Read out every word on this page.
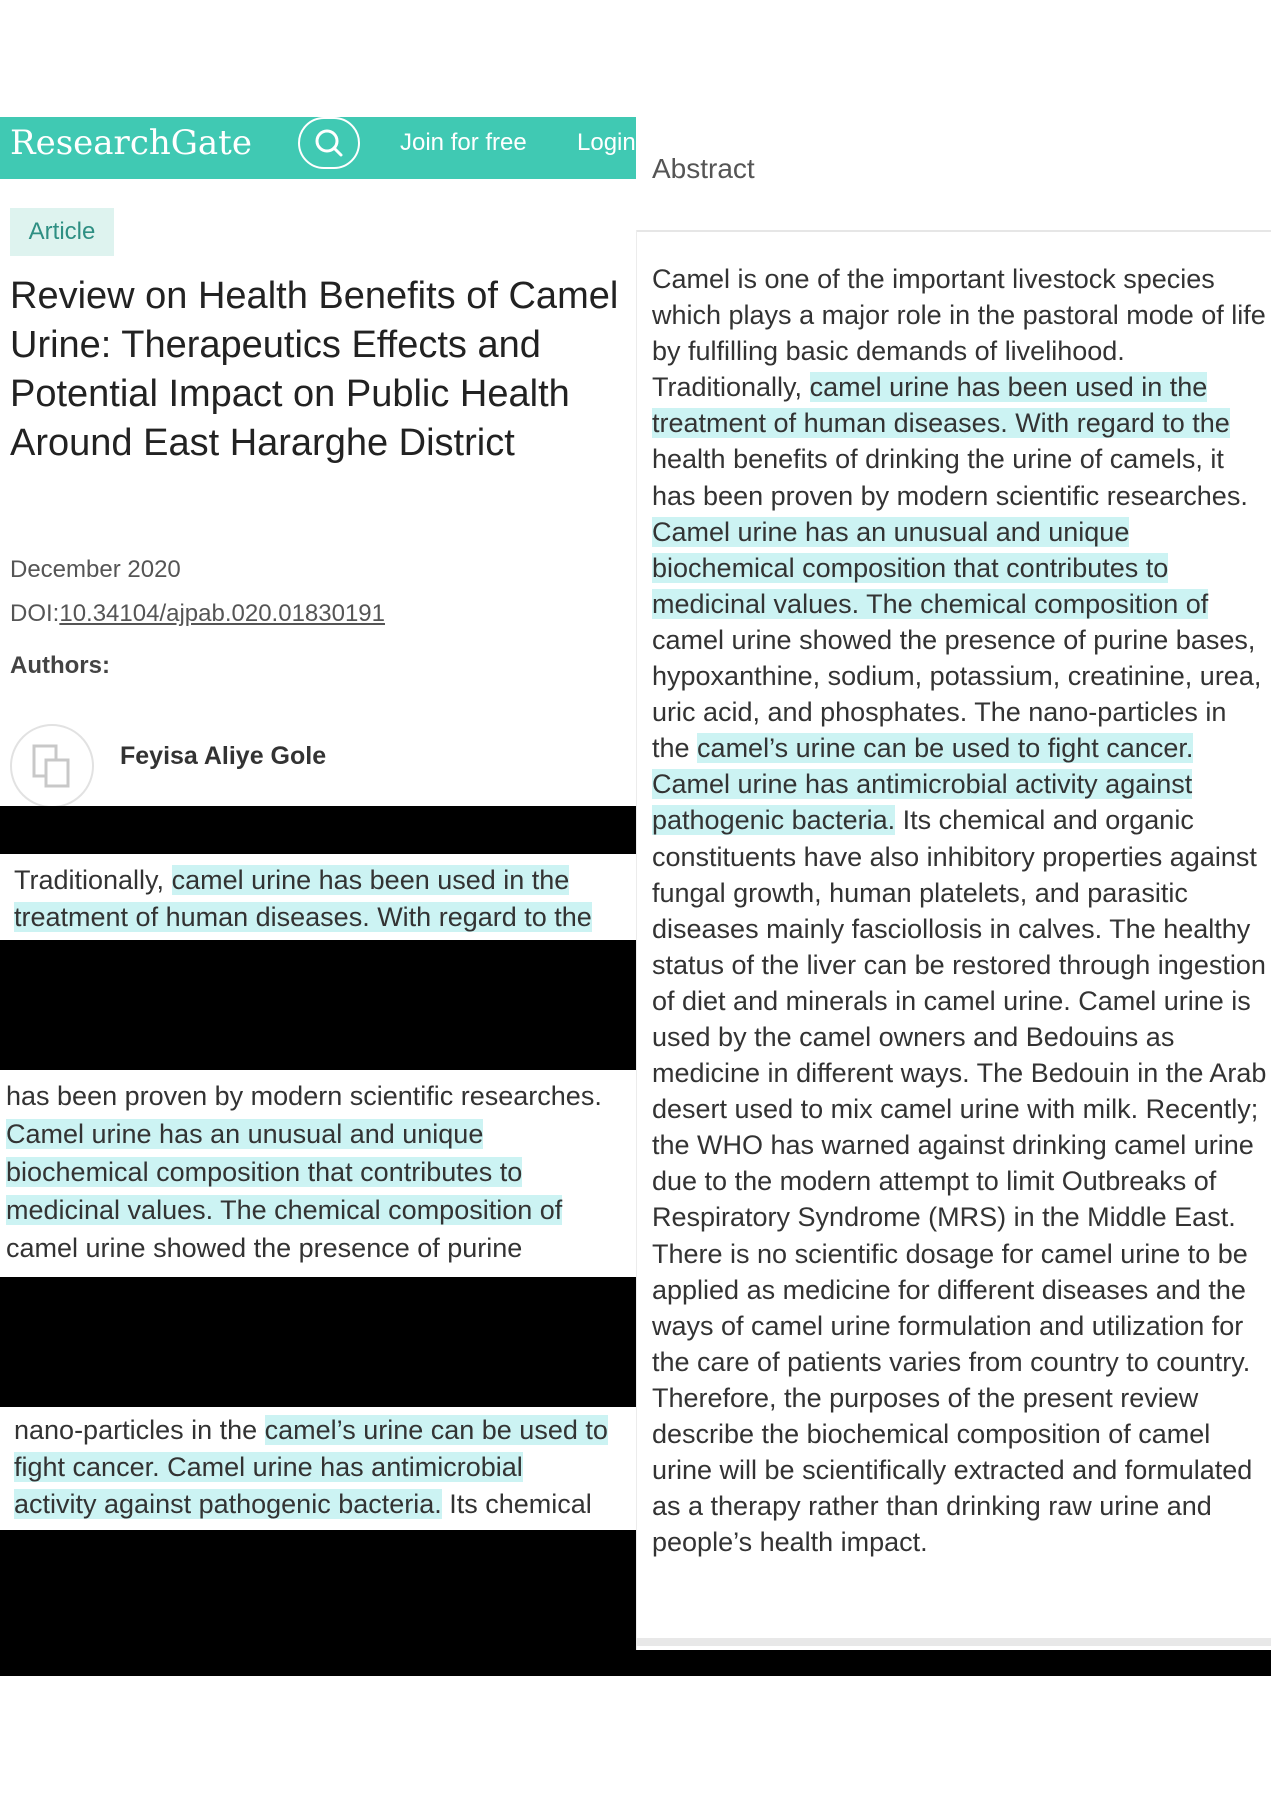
ResearchGate	Join for free Login
Article
Review on Health Benefits of Camel Urine: Therapeutics Effects and Potential Impact on Public Health Around East Hararghe District
December 2020
DOI:10.34104/ajpab.020.01830191
Authors:
Feyisa Aliye Gole
Traditionally, camel urine has been used in the
treatment of human diseases. With regard to the
has been proven by modern scientific researches.
Camel urine has an unusual and unique
biochemical composition that contributes to
medicinal values. The chemical composition of
camel urine showed the presence of purine
nano-particles in the camel’s urine can be used to
fight cancer. Camel urine has antimicrobial
activity against pathogenic bacteria. Its chemical
Abstract
Camel is one of the important livestock species which plays a major role in the pastoral mode of life by fulfilling basic demands of livelihood. Traditionally, camel urine has been used in the treatment of human diseases. With regard to the health benefits of drinking the urine of camels, it has been proven by modern scientific researches. Camel urine has an unusual and unique biochemical composition that contributes to medicinal values. The chemical composition of camel urine showed the presence of purine bases, hypoxanthine, sodium, potassium, creatinine, urea, uric acid, and phosphates. The nano-particles in the camel’s urine can be used to fight cancer. Camel urine has antimicrobial activity against pathogenic bacteria. Its chemical and organic constituents have also inhibitory properties against fungal growth, human platelets, and parasitic diseases mainly fasciollosis in calves. The healthy status of the liver can be restored through ingestion of diet and minerals in camel urine. Camel urine is used by the camel owners and Bedouins as medicine in different ways. The Bedouin in the Arab desert used to mix camel urine with milk. Recently; the WHO has warned against drinking camel urine due to the modern attempt to limit Outbreaks of Respiratory Syndrome (MRS) in the Middle East. There is no scientific dosage for camel urine to be applied as medicine for different diseases and the ways of camel urine formulation and utilization for the care of patients varies from country to country. Therefore, the purposes of the present review describe the biochemical composition of camel urine will be scientifically extracted and formulated as a therapy rather than drinking raw urine and people’s health impact.
